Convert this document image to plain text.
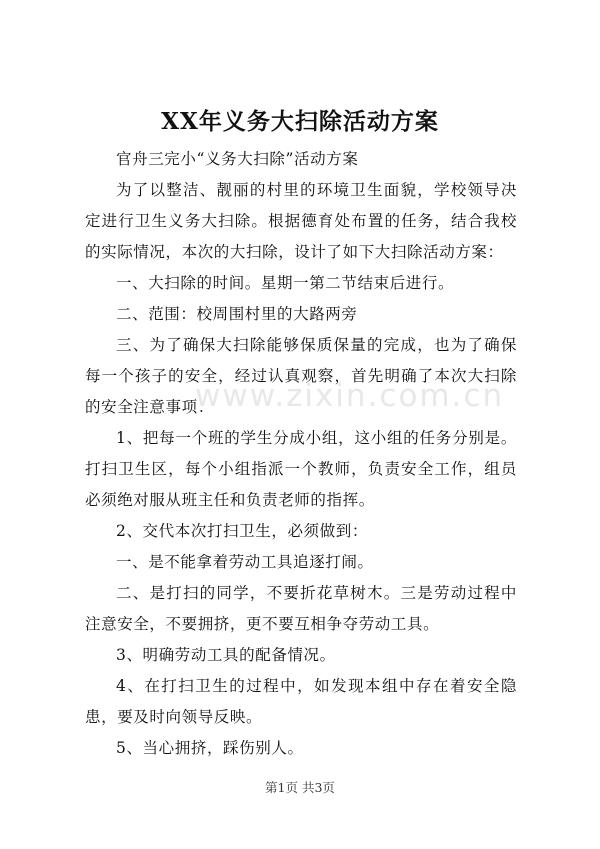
XX年义务大扫除活动方案

官舟三完小“义务大扫除”活动方案

为了以整洁、靓丽的村里的环境卫生面貌，学校领导决定进行卫生义务大扫除。根据德育处布置的任务，结合我校的实际情况，本次的大扫除，设计了如下大扫除活动方案：

一、大扫除的时间。星期一第二节结束后进行。

二、范围：校周围村里的大路两旁

三、为了确保大扫除能够保质保量的完成，也为了确保每一个孩子的安全，经过认真观察，首先明确了本次大扫除的安全注意事项：

1、把每一个班的学生分成小组，这小组的任务分别是。打扫卫生区，每个小组指派一个教师，负责安全工作，组员必须绝对服从班主任和负责老师的指挥。

2、交代本次打扫卫生，必须做到：

一、是不能拿着劳动工具追逐打闹。

二、是打扫的同学，不要折花草树木。三是劳动过程中注意安全，不要拥挤，更不要互相争夺劳动工具。

3、明确劳动工具的配备情况。

4、在打扫卫生的过程中，如发现本组中存在着安全隐患，要及时向领导反映。

5、当心拥挤，踩伤别人。

www.zixin.com.cn
第1页 共3页
